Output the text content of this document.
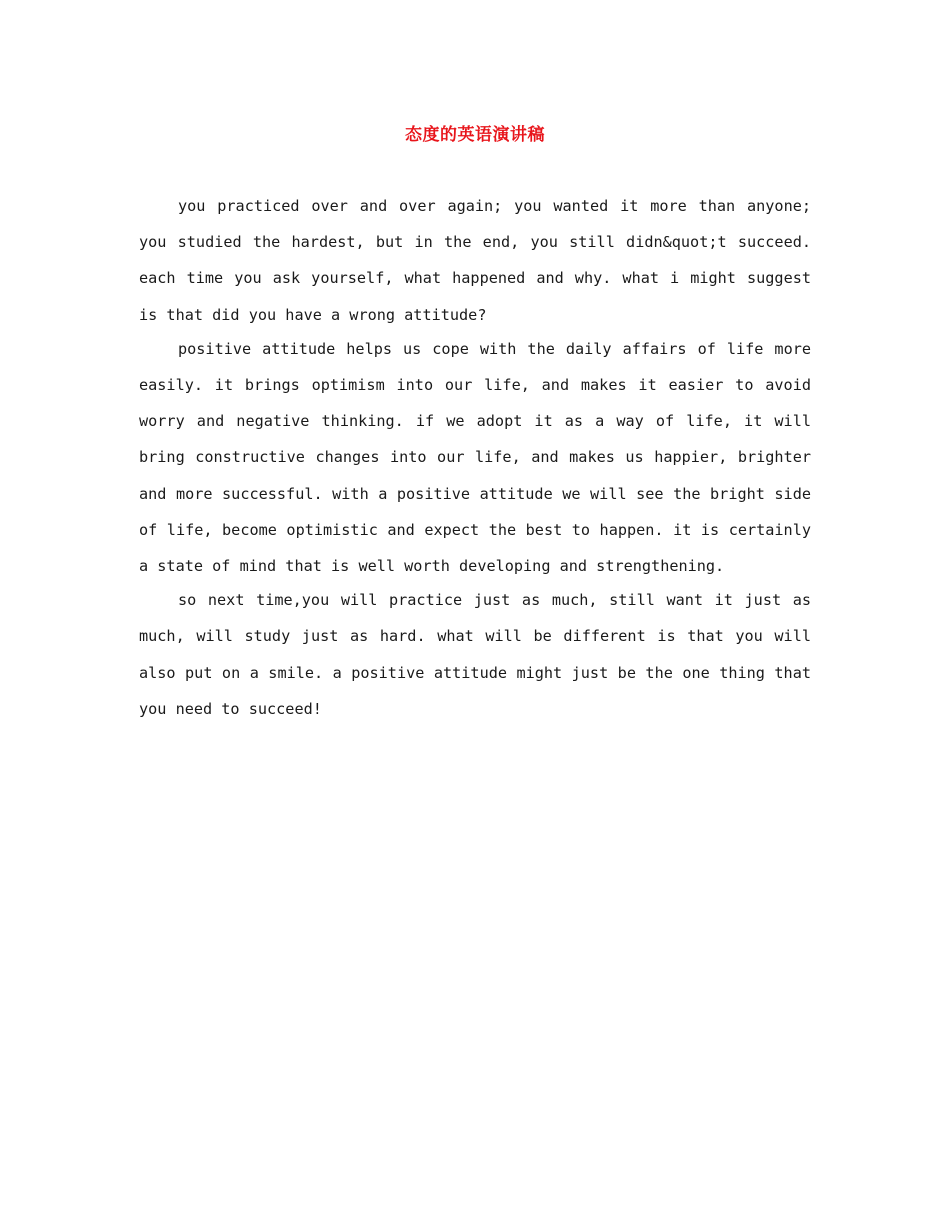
态度的英语演讲稿

you practiced over and over again; you wanted it more than anyone; you studied the hardest, but in the end, you still didn&quot;t succeed. each time you ask yourself, what happened and why. what i might suggest is that did you have a wrong attitude?

positive attitude helps us cope with the daily affairs of life more easily. it brings optimism into our life, and makes it easier to avoid worry and negative thinking. if we adopt it as a way of life, it will bring constructive changes into our life, and makes us happier, brighter and more successful. with a positive attitude we will see the bright side of life, become optimistic and expect the best to happen. it is certainly a state of mind that is well worth developing and strengthening.

so next time,you will practice just as much, still want it just as much, will study just as hard. what will be different is that you will also put on a smile. a positive attitude might just be the one thing that you need to succeed!
